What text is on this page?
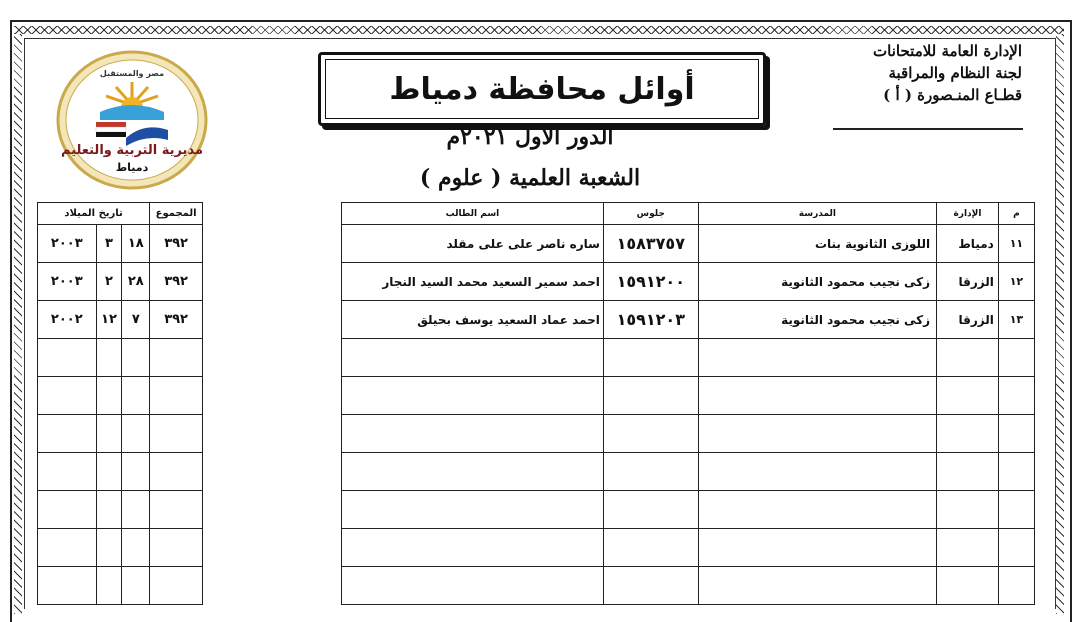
الإدارة العامة للامتحانات
لجنة النظام والمراقبة
قطـاع المنـصورة ( أ )
أوائل محافظة دمياط
الدور الاول ٢٠٢١م
الشعبة العلمية ( علوم )
مديرية التربية والتعليم
دمياط
مصر والمستقبل
م	الإدارة	المدرسة	جلوس	اسم الطالب
١١	دمياط	اللوزى الثانوية بنات	١٥٨٣٧٥٧	ساره ناصر على على مقلد
١٢	الزرقا	زكى نجيب محمود الثانوية	١٥٩١٢٠٠	احمد سمير السعيد محمد السيد النجار
١٣	الزرقا	زكى نجيب محمود الثانوية	١٥٩١٢٠٣	احمد عماد السعيد يوسف بحيلق

المجموع	تاريخ الميلاد		
٣٩٢	١٨	٣	٢٠٠٣
٣٩٢	٢٨	٢	٢٠٠٣
٣٩٢	٧	١٢	٢٠٠٢
